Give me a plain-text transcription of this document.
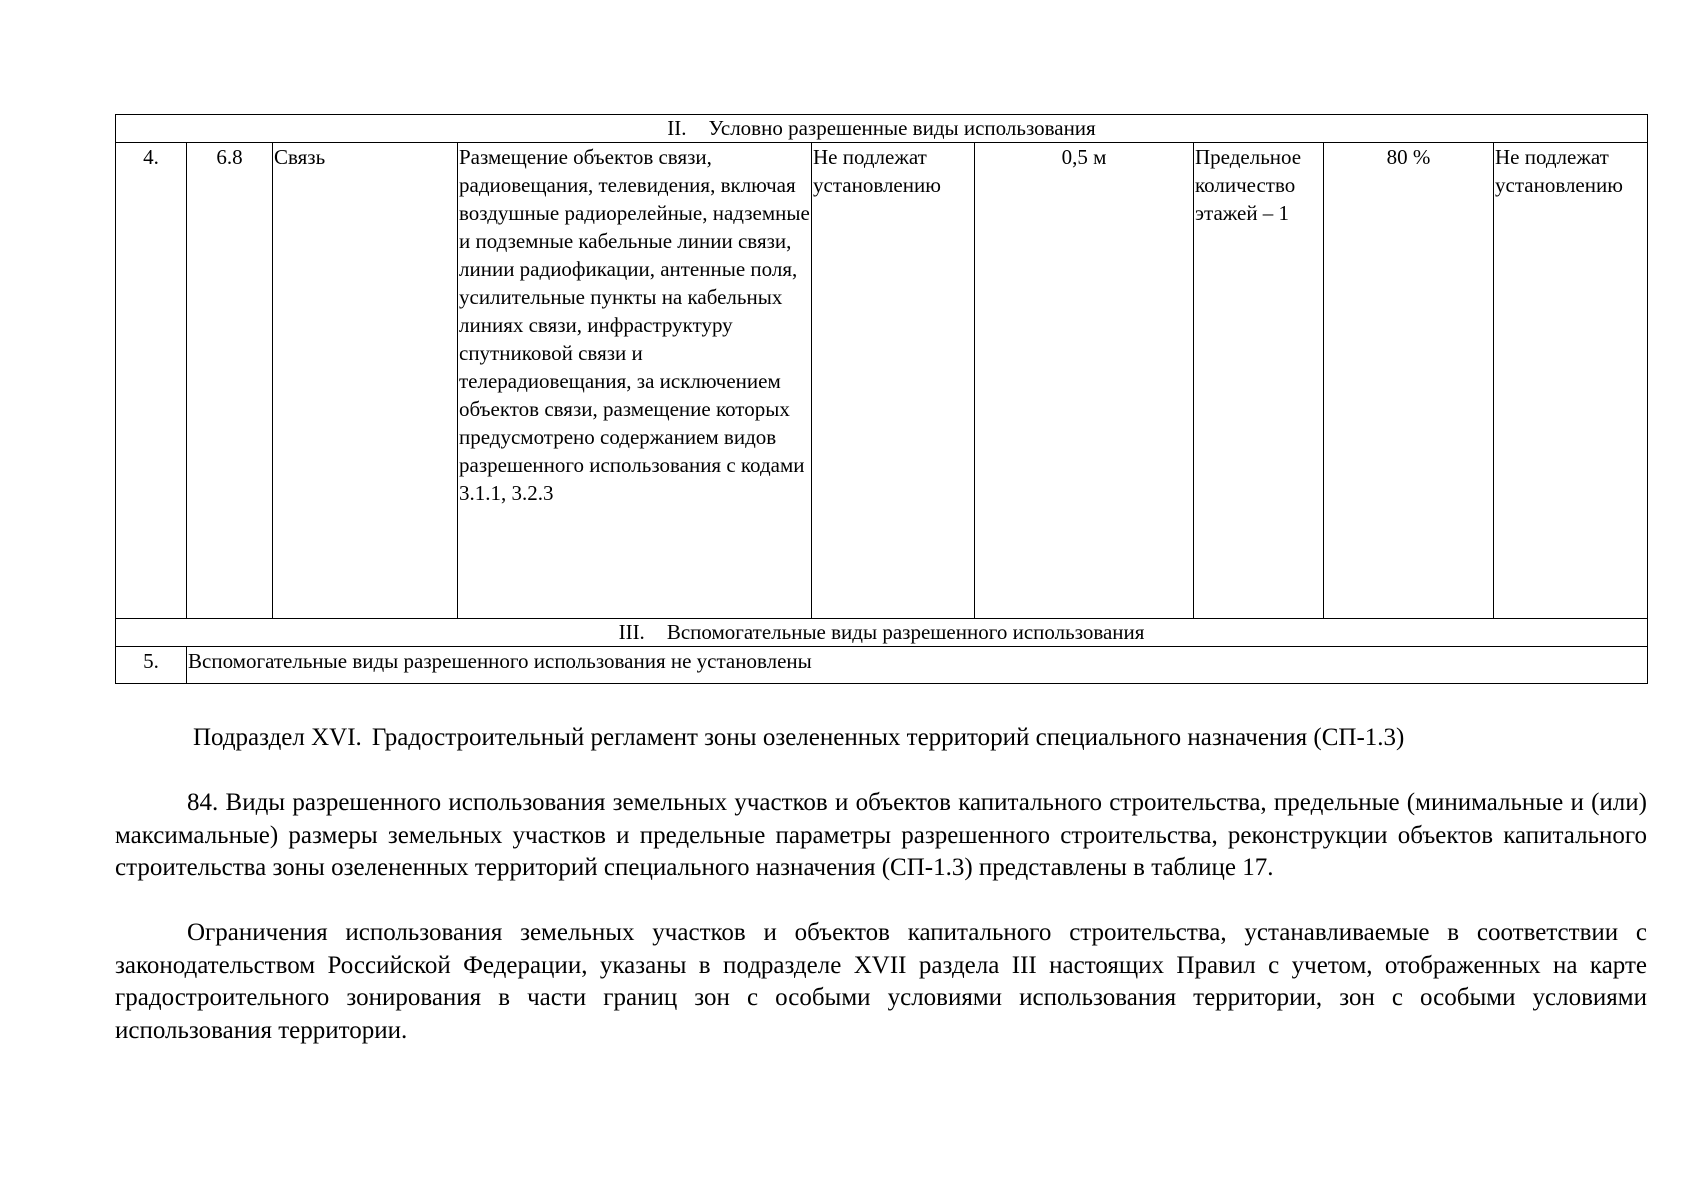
II. Условно разрешенные виды использования								
4.	6.8	Связь	Размещение объектов связи, радиовещания, телевидения, включая воздушные радиорелейные, надземные и подземные кабельные линии связи, линии радиофикации, антенные поля, усилительные пункты на кабельных линиях связи, инфраструктуру спутниковой связи и телерадиовещания, за исключением объектов связи, размещение которых предусмотрено содержанием видов разрешенного использования с кодами 3.1.1, 3.2.3	Не подлежат установлению	0,5 м	Предельное количество этажей – 1	80 %	Не подлежат установлению
III. Вспомогательные виды разрешенного использования								
5.	Вспомогательные виды разрешенного использования не установлены							
Подраздел XVI. Градостроительный регламент зоны озелененных территорий специального назначения (СП-1.3)

84. Виды разрешенного использования земельных участков и объектов капитального строительства, предельные (минимальные и (или) максимальные) размеры земельных участков и предельные параметры разрешенного строительства, реконструкции объектов капитального строительства зоны озелененных территорий специального назначения (СП-1.3) представлены в таблице 17.

Ограничения использования земельных участков и объектов капитального строительства, устанавливаемые в соответствии с законодательством Российской Федерации, указаны в подразделе XVII раздела III настоящих Правил с учетом, отображенных на карте градостроительного зонирования в части границ зон с особыми условиями использования территории, зон с особыми условиями использования территории.
